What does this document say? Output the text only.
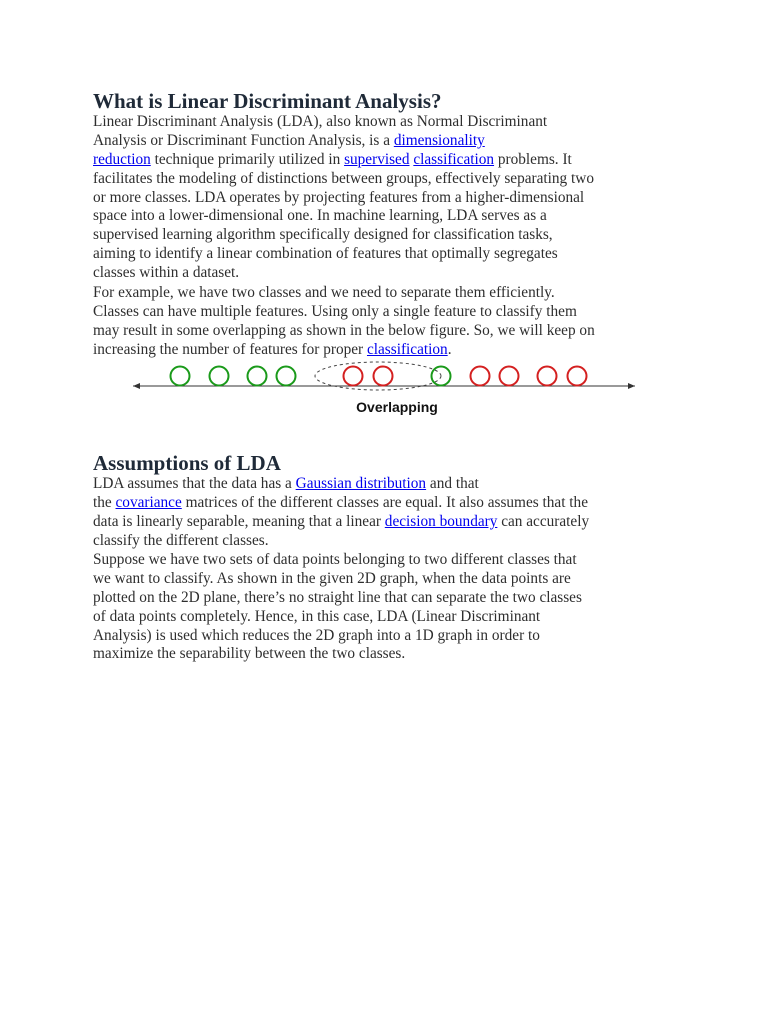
What is Linear Discriminant Analysis?
Linear Discriminant Analysis (LDA), also known as Normal Discriminant
Analysis or Discriminant Function Analysis, is a dimensionality
reduction technique primarily utilized in supervised classification problems. It
facilitates the modeling of distinctions between groups, effectively separating two
or more classes. LDA operates by projecting features from a higher-dimensional
space into a lower-dimensional one. In machine learning, LDA serves as a
supervised learning algorithm specifically designed for classification tasks,
aiming to identify a linear combination of features that optimally segregates
classes within a dataset.
For example, we have two classes and we need to separate them efficiently.
Classes can have multiple features. Using only a single feature to classify them
may result in some overlapping as shown in the below figure. So, we will keep on
increasing the number of features for proper classification.
Overlapping
Assumptions of LDA
LDA assumes that the data has a Gaussian distribution and that
the covariance matrices of the different classes are equal. It also assumes that the
data is linearly separable, meaning that a linear decision boundary can accurately
classify the different classes.
Suppose we have two sets of data points belonging to two different classes that
we want to classify. As shown in the given 2D graph, when the data points are
plotted on the 2D plane, there’s no straight line that can separate the two classes
of data points completely. Hence, in this case, LDA (Linear Discriminant
Analysis) is used which reduces the 2D graph into a 1D graph in order to
maximize the separability between the two classes.
